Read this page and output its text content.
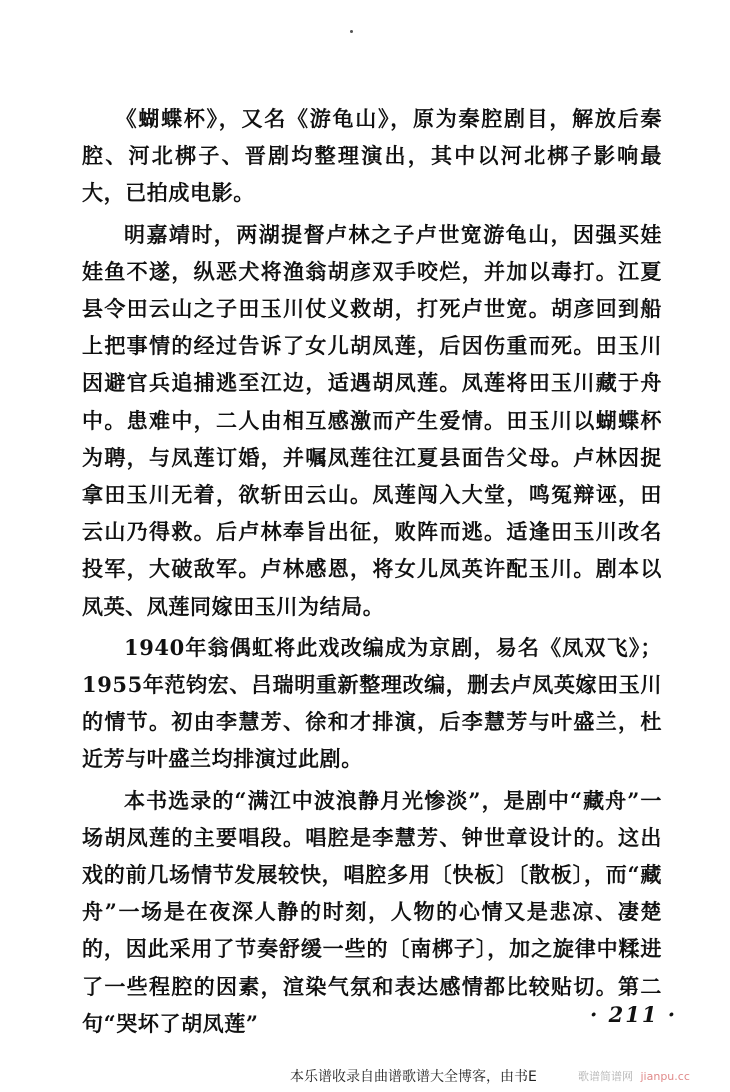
《蝴蝶杯》，又名《游龟山》，原为秦腔剧目，解放后秦腔、河北梆子、晋剧均整理演出，其中以河北梆子影响最大，已拍成电影。

明嘉靖时，两湖提督卢林之子卢世宽游龟山，因强买娃娃鱼不遂，纵恶犬将渔翁胡彦双手咬烂，并加以毒打。江夏县令田云山之子田玉川仗义救胡，打死卢世宽。胡彦回到船上把事情的经过告诉了女儿胡凤莲，后因伤重而死。田玉川因避官兵追捕逃至江边，适遇胡凤莲。凤莲将田玉川藏于舟中。患难中，二人由相互感激而产生爱情。田玉川以蝴蝶杯为聘，与凤莲订婚，并嘱凤莲往江夏县面告父母。卢林因捉拿田玉川无着，欲斩田云山。凤莲闯入大堂，鸣冤辩诬，田云山乃得救。后卢林奉旨出征，败阵而逃。适逢田玉川改名投军，大破敌军。卢林感恩，将女儿凤英许配玉川。剧本以凤英、凤莲同嫁田玉川为结局。

1940年翁偶虹将此戏改编成为京剧，易名《凤双飞》；1955年范钧宏、吕瑞明重新整理改编，删去卢凤英嫁田玉川的情节。初由李慧芳、徐和才排演，后李慧芳与叶盛兰，杜近芳与叶盛兰均排演过此剧。

本书选录的“满江中波浪静月光惨淡”，是剧中“藏舟”一场胡凤莲的主要唱段。唱腔是李慧芳、钟世章设计的。这出戏的前几场情节发展较快，唱腔多用〔快板〕〔散板〕，而“藏舟”一场是在夜深人静的时刻，人物的心情又是悲凉、凄楚的，因此采用了节奏舒缓一些的〔南梆子〕，加之旋律中糅进了一些程腔的因素，渲染气氛和表达感情都比较贴切。第二句“哭坏了胡凤莲”	· 211 ·
本乐谱收录自曲谱歌谱大全博客，由书E	歌谱简谱网 jianpu.cc
